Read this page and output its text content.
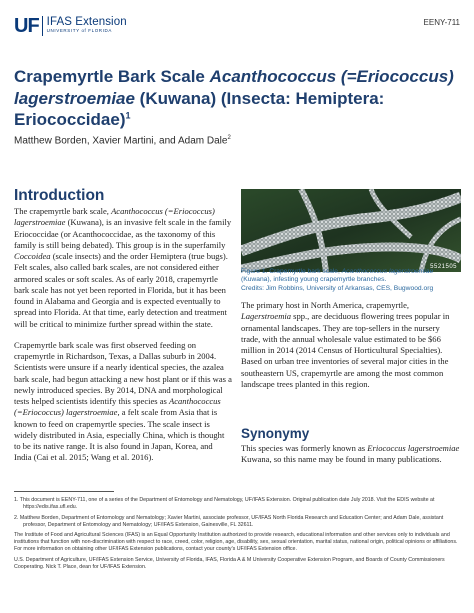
UF IFAS Extension
UNIVERSITY of FLORIDA
EENY-711
Crapemyrtle Bark Scale Acanthococcus (=Eriococcus)
lagerstroemiae (Kuwana) (Insecta: Hemiptera:
Eriococcidae)$^1$
Matthew Borden, Xavier Martini, and Adam Dale$^2$
Introduction

The crapemyrtle bark scale, Acanthococcus (=Eriococcus) lagerstroemiae (Kuwana), is an invasive felt scale in the family Eriococcidae (or Acanthococcidae, as the taxonomy of this family is still being debated). This group is in the superfamily Coccoidea (scale insects) and the order Hemiptera (true bugs). Felt scales, also called bark scales, are not considered either armored scales or soft scales. As of early 2018, crapemyrtle bark scale has not yet been reported in Florida, but it has been found in Alabama and Georgia and is expected eventually to spread into Florida. At that time, early detection and treatment will be critical to minimize further spread within the state.

Crapemyrtle bark scale was first observed feeding on crapemyrtle in Richardson, Texas, a Dallas suburb in 2004. Scientists were unsure if a nearly identical species, the azalea bark scale, had begun attacking a new host plant or if this was a newly introduced species. By 2014, DNA and morphological tests helped scientists identify this species as Acanthococcus (=Eriococcus) lagerstroemiae, a felt scale from Asia that is known to feed on crapemyrtle species. The scale insect is widely distributed in Asia, especially China, which is thought to be its native range. It is also found in Japan, Korea, and India (Cai et al. 2015; Wang et al. 2016).

5521505
Figure 1. Crapemyrtle bark scale, Acanthococcus lagerstroemiae (Kuwana), infesting young crapemyrtle branches.
Credits: Jim Robbins, University of Arkansas, CES, Bugwood.org
The primary host in North America, crapemyrtle, Lagerstroemia spp., are deciduous flowering trees popular in ornamental landscapes. They are top-sellers in the nursery trade, with the annual wholesale value estimated to be $66 million in 2014 (2014 Census of Horticultural Specialties). Based on urban tree inventories of several major cities in the southeastern US, crapemyrtle are among the most common landscape trees planted in this region.
Synonymy
This species was formerly known as Eriococcus lagerstroemiae Kuwana, so this name may be found in many publications.

1. This document is EENY-711, one of a series of the Department of Entomology and Nematology, UF/IFAS Extension. Original publication date July 2018. Visit the EDIS website at https://edis.ifas.ufl.edu.

2. Matthew Borden, Department of Entomology and Nematology; Xavier Martini, associate professor, UF/IFAS North Florida Research and Education Center; and Adam Dale, assistant professor, Department of Entomology and Nematology; UF/IFAS Extension, Gainesville, FL 32611.

The Institute of Food and Agricultural Sciences (IFAS) is an Equal Opportunity Institution authorized to provide research, educational information and other services only to individuals and institutions that function with non-discrimination with respect to race, creed, color, religion, age, disability, sex, sexual orientation, marital status, national origin, political opinions or affiliations. For more information on obtaining other UF/IFAS Extension publications, contact your county's UF/IFAS Extension office.

U.S. Department of Agriculture, UF/IFAS Extension Service, University of Florida, IFAS, Florida A & M University Cooperative Extension Program, and Boards of County Commissioners Cooperating. Nick T. Place, dean for UF/IFAS Extension.
